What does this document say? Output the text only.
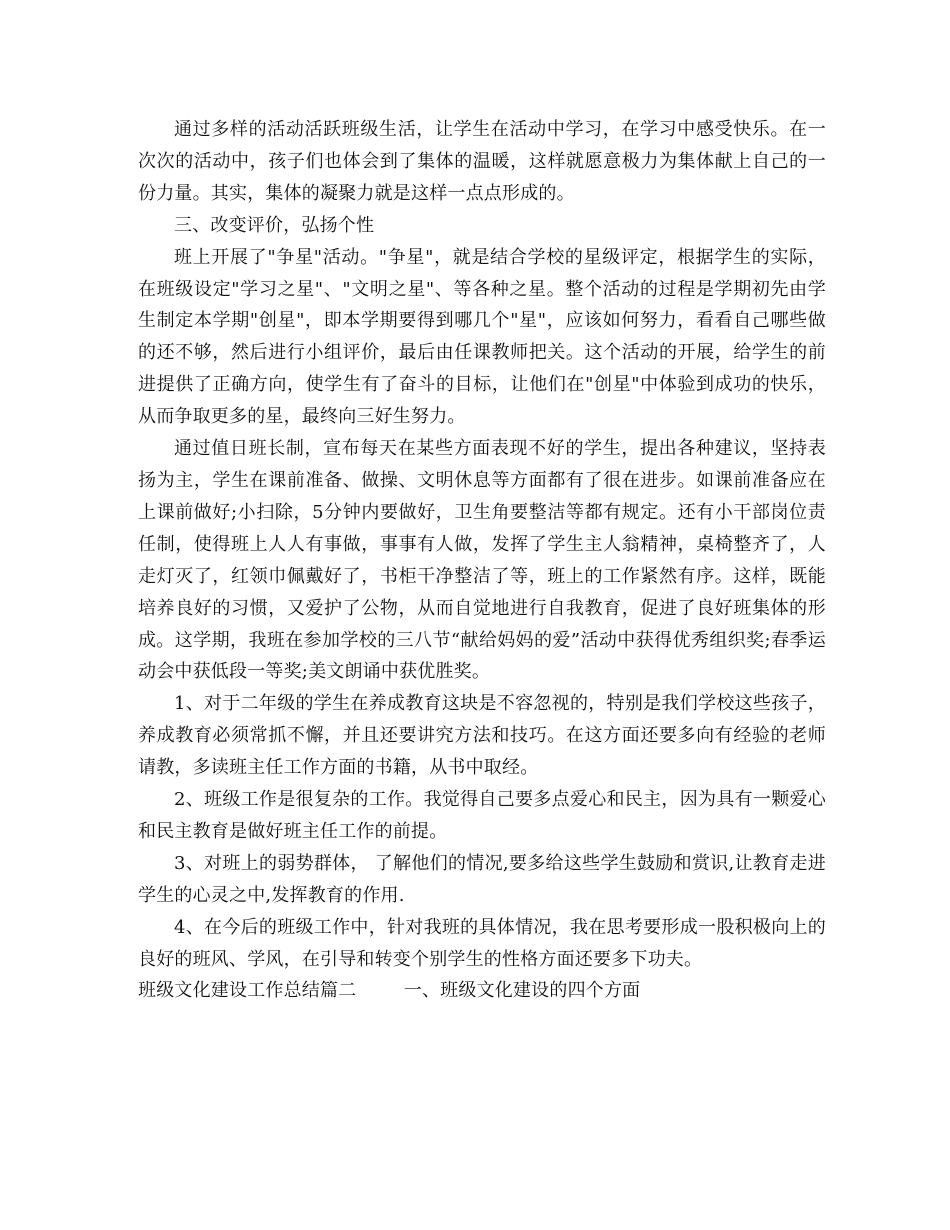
通过多样的活动活跃班级生活，让学生在活动中学习，在学习中感受快乐。在一次次的活动中，孩子们也体会到了集体的温暖，这样就愿意极力为集体献上自己的一份力量。其实，集体的凝聚力就是这样一点点形成的。

三、改变评价，弘扬个性

班上开展了"争星"活动。"争星"，就是结合学校的星级评定，根据学生的实际，在班级设定"学习之星"、"文明之星"、等各种之星。整个活动的过程是学期初先由学生制定本学期"创星"，即本学期要得到哪几个"星"，应该如何努力，看看自己哪些做的还不够，然后进行小组评价，最后由任课教师把关。这个活动的开展，给学生的前进提供了正确方向，使学生有了奋斗的目标，让他们在"创星"中体验到成功的快乐，从而争取更多的星，最终向三好生努力。

通过值日班长制，宣布每天在某些方面表现不好的学生，提出各种建议，坚持表扬为主，学生在课前准备、做操、文明休息等方面都有了很在进步。如课前准备应在上课前做好;小扫除，5分钟内要做好，卫生角要整洁等都有规定。还有小干部岗位责任制，使得班上人人有事做，事事有人做，发挥了学生主人翁精神，桌椅整齐了，人走灯灭了，红领巾佩戴好了，书柜干净整洁了等，班上的工作紧然有序。这样，既能培养良好的习惯，又爱护了公物，从而自觉地进行自我教育，促进了良好班集体的形成。这学期，我班在参加学校的三八节“献给妈妈的爱”活动中获得优秀组织奖;春季运动会中获低段一等奖;美文朗诵中获优胜奖。

1、对于二年级的学生在养成教育这块是不容忽视的，特别是我们学校这些孩子，养成教育必须常抓不懈，并且还要讲究方法和技巧。在这方面还要多向有经验的老师请教，多读班主任工作方面的书籍，从书中取经。

2、班级工作是很复杂的工作。我觉得自己要多点爱心和民主，因为具有一颗爱心和民主教育是做好班主任工作的前提。

3、对班上的弱势群体， 了解他们的情况,要多给这些学生鼓励和赏识,让教育走进学生的心灵之中,发挥教育的作用.

4、在今后的班级工作中，针对我班的具体情况，我在思考要形成一股积极向上的良好的班风、学风，在引导和转变个别学生的性格方面还要多下功夫。

班级文化建设工作总结篇二	一、班级文化建设的四个方面
